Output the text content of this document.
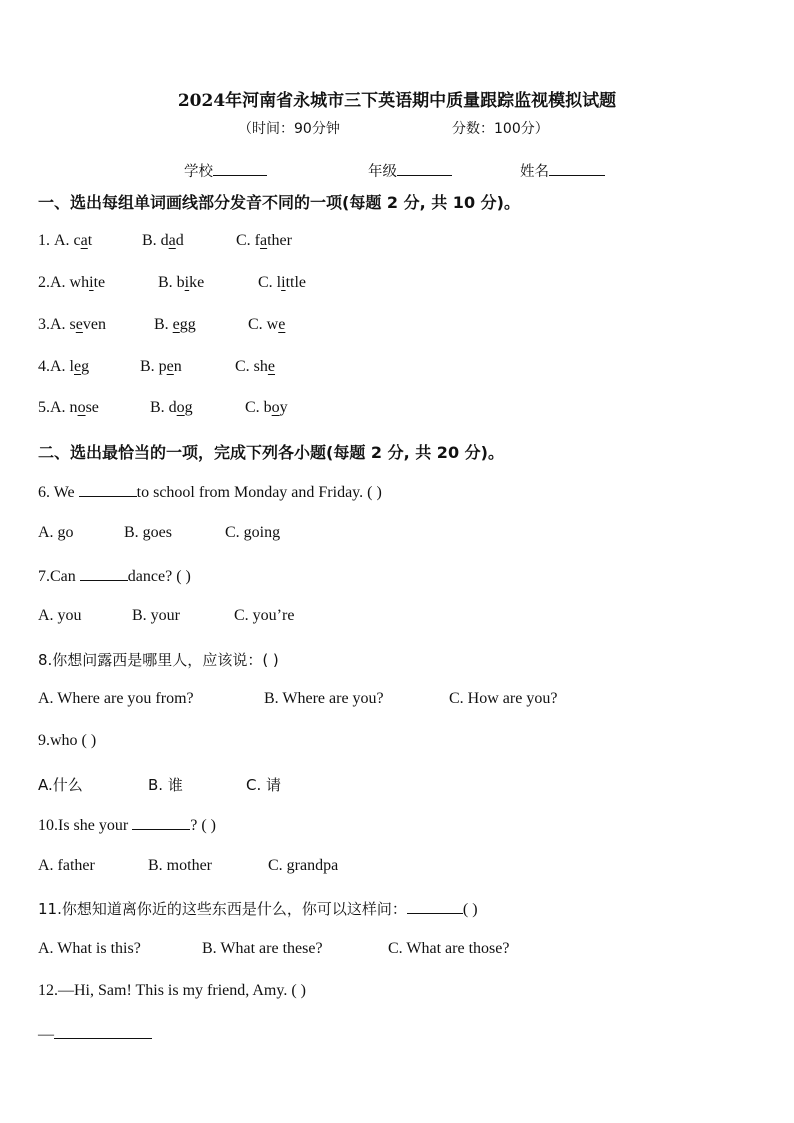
2024年河南省永城市三下英语期中质量跟踪监视模拟试题
（时间：90分钟	分数：100分）
学校	年级	姓名
一、选出每组单词画线部分发音不同的一项(每题 2 分, 共 10 分)。
1. A. cat	B. dad	C. father
2.A. white	B. bike	C. little
3.A. seven	B. egg	C. we
4.A. leg	B. pen	C. she
5.A. nose	B. dog	C. boy
二、选出最恰当的一项，完成下列各小题(每题 2 分, 共 20 分)。
6. We	to school from Monday and Friday. ( )
A. go	B. goes	C. going
7.Can	dance? ( )
A. you	B. your	C. you’re
8.你想问露西是哪里人，应该说：( )
A. Where are you from?	B. Where are you?	C. How are you?
9.who ( )
A.什么	B. 谁	C. 请
10.Is she your	? ( )
A. father	B. mother	C. grandpa
11.你想知道离你近的这些东西是什么，你可以这样问：	( )
A. What is this?	B. What are these?	C. What are those?
12.—Hi, Sam! This is my friend, Amy. ( )
—
